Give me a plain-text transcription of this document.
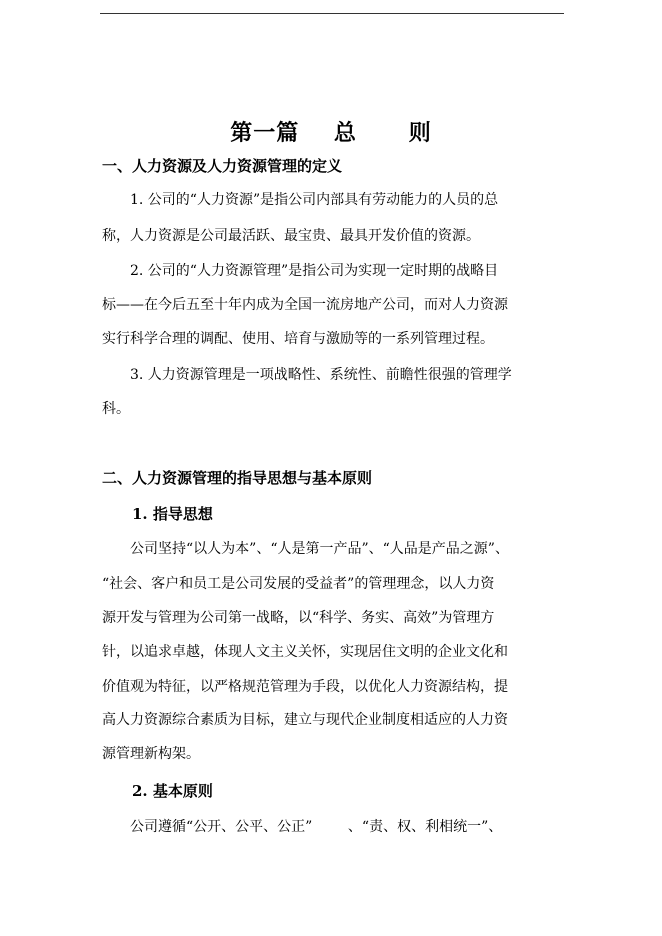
第一篇    总      则
一、人力资源及人力资源管理的定义
1. 公司的“人力资源”是指公司内部具有劳动能力的人员的总
称，人力资源是公司最活跃、最宝贵、最具开发价值的资源。
2. 公司的“人力资源管理”是指公司为实现一定时期的战略目
标——在今后五至十年内成为全国一流房地产公司，而对人力资源
实行科学合理的调配、使用、培育与激励等的一系列管理过程。
3. 人力资源管理是一项战略性、系统性、前瞻性很强的管理学
科。
二、人力资源管理的指导思想与基本原则
1. 指导思想
公司坚持“以人为本”、“人是第一产品”、“人品是产品之源”、
“社会、客户和员工是公司发展的受益者”的管理理念，以人力资
源开发与管理为公司第一战略，以“科学、务实、高效”为管理方
针，以追求卓越，体现人文主义关怀，实现居住文明的企业文化和
价值观为特征，以严格规范管理为手段，以优化人力资源结构，提
高人力资源综合素质为目标，建立与现代企业制度相适应的人力资
源管理新构架。
2. 基本原则
公司遵循“公开、公平、公正”        、“责、权、利相统一”、
